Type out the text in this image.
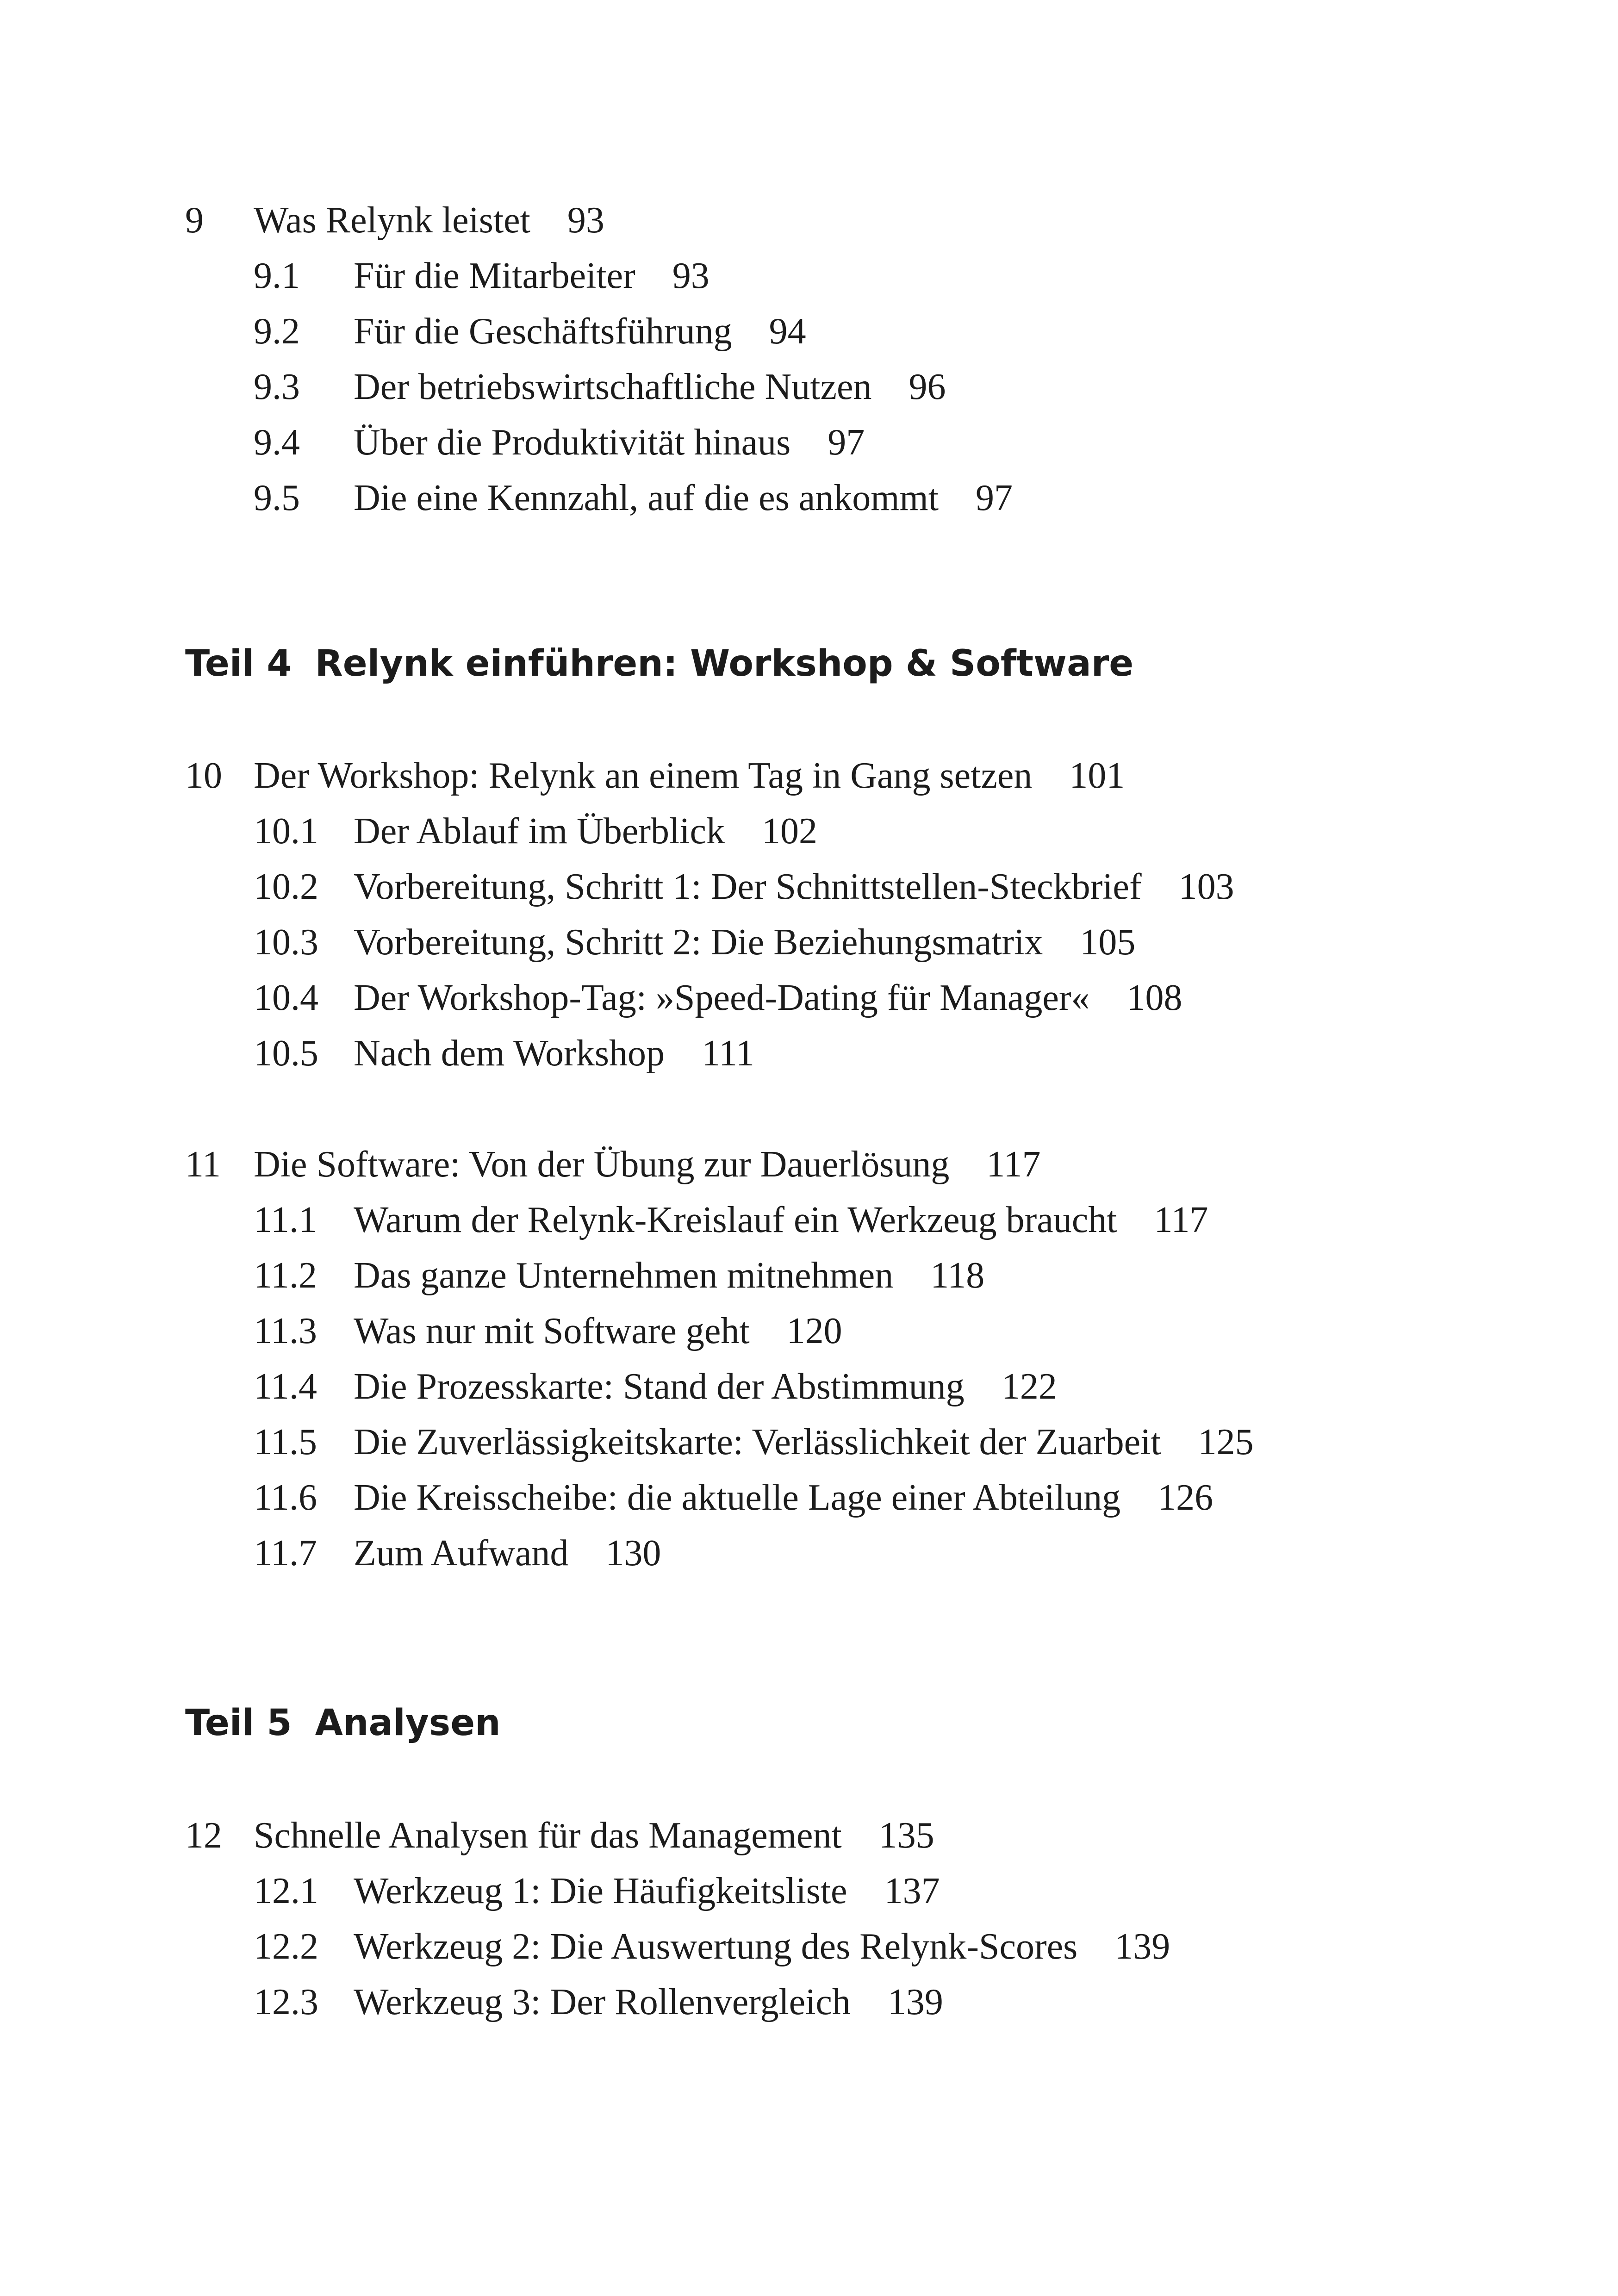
9 Was Relynk leistet 93
9.1 Für die Mitarbeiter 93
9.2 Für die Geschäftsführung 94
9.3 Der betriebswirtschaftliche Nutzen 96
9.4 Über die Produktivität hinaus 97
9.5 Die eine Kennzahl, auf die es ankommt 97
Teil 4 Relynk einführen: Workshop & Software
10 Der Workshop: Relynk an einem Tag in Gang setzen 101
10.1 Der Ablauf im Überblick 102
10.2 Vorbereitung, Schritt 1: Der Schnittstellen-Steckbrief 103
10.3 Vorbereitung, Schritt 2: Die Beziehungsmatrix 105
10.4 Der Workshop-Tag: »Speed-Dating für Manager« 108
10.5 Nach dem Workshop 111
11 Die Software: Von der Übung zur Dauerlösung 117
11.1 Warum der Relynk-Kreislauf ein Werkzeug braucht 117
11.2 Das ganze Unternehmen mitnehmen 118
11.3 Was nur mit Software geht 120
11.4 Die Prozesskarte: Stand der Abstimmung 122
11.5 Die Zuverlässigkeitskarte: Verlässlichkeit der Zuarbeit 125
11.6 Die Kreisscheibe: die aktuelle Lage einer Abteilung 126
11.7 Zum Aufwand 130
Teil 5 Analysen
12 Schnelle Analysen für das Management 135
12.1 Werkzeug 1: Die Häufigkeitsliste 137
12.2 Werkzeug 2: Die Auswertung des Relynk-Scores 139
12.3 Werkzeug 3: Der Rollenvergleich 139
